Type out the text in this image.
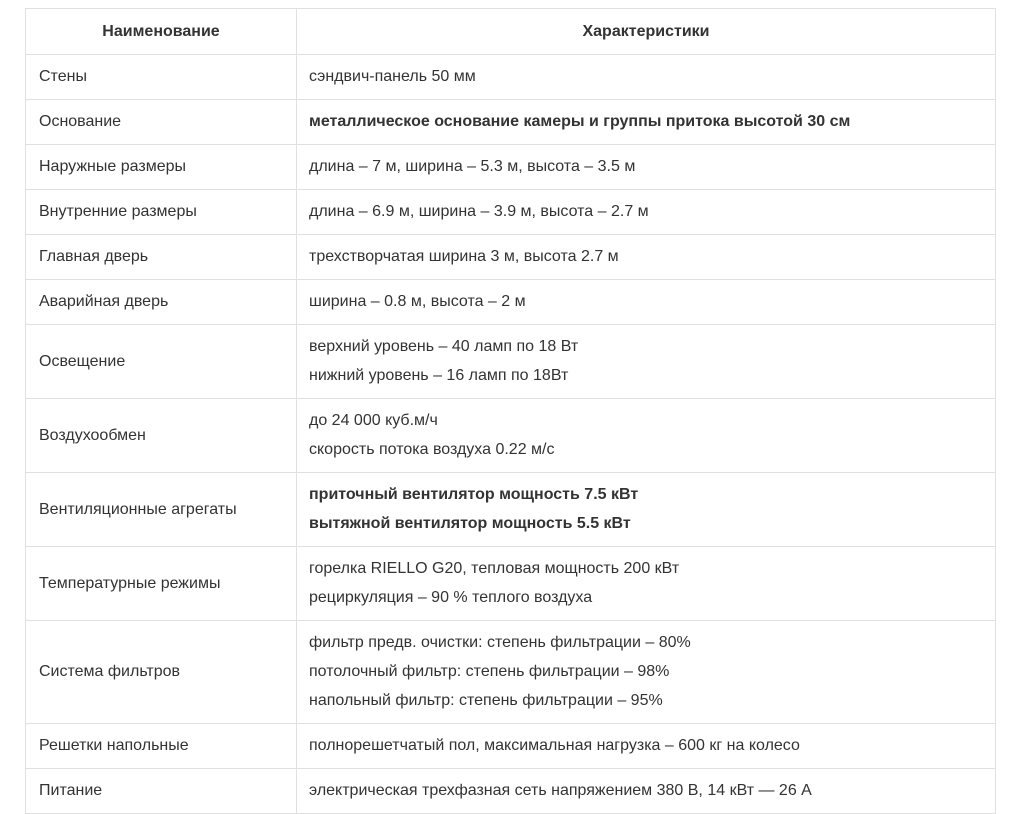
Наименование	Характеристики
Стены	сэндвич-панель 50 мм

Основание	металлическое основание камеры и группы притока высотой 30 см

Наружные размеры	длина – 7 м, ширина – 5.3 м, высота – 3.5 м

Внутренние размеры	длина – 6.9 м, ширина – 3.9 м, высота – 2.7 м

Главная дверь	трехстворчатая ширина 3 м, высота 2.7 м

Аварийная дверь	ширина – 0.8 м, высота – 2 м

Освещение	верхний уровень – 40 ламп по 18 Вт

нижний уровень – 16 ламп по 18Вт

Воздухообмен	до 24 000 куб.м/ч

скорость потока воздуха 0.22 м/с

Вентиляционные агрегаты	приточный вентилятор мощность 7.5 кВт

вытяжной вентилятор мощность 5.5 кВт

Температурные режимы	горелка RIELLO G20, тепловая мощность 200 кВт

рециркуляция – 90 % теплого воздуха

Система фильтров	фильтр предв. очистки: степень фильтрации – 80%

потолочный фильтр: степень фильтрации – 98%

напольный фильтр: степень фильтрации – 95%

Решетки напольные	полнорешетчатый пол, максимальная нагрузка – 600 кг на колесо

Питание	электрическая трехфазная сеть напряжением 380 В, 14 кВт — 26 А
